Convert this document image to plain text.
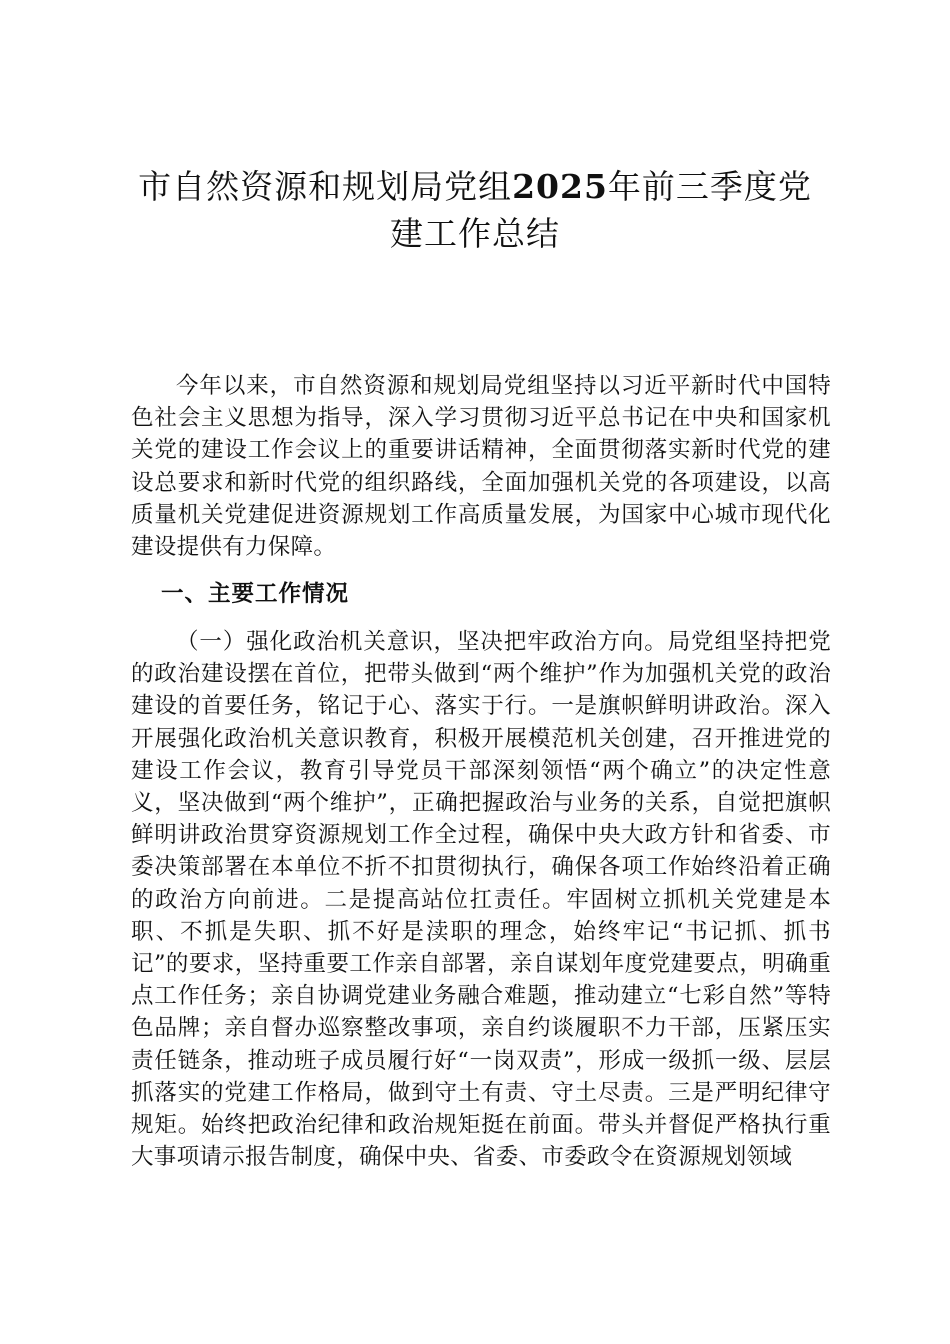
市自然资源和规划局党组2025年前三季度党
建工作总结

今年以来，市自然资源和规划局党组坚持以习近平新时代中国特色社会主义思想为指导，深入学习贯彻习近平总书记在中央和国家机关党的建设工作会议上的重要讲话精神，全面贯彻落实新时代党的建设总要求和新时代党的组织路线，全面加强机关党的各项建设，以高质量机关党建促进资源规划工作高质量发展，为国家中心城市现代化建设提供有力保障。

一、主要工作情况

（一）强化政治机关意识，坚决把牢政治方向。局党组坚持把党的政治建设摆在首位，把带头做到“两个维护”作为加强机关党的政治建设的首要任务，铭记于心、落实于行。一是旗帜鲜明讲政治。深入开展强化政治机关意识教育，积极开展模范机关创建，召开推进党的建设工作会议，教育引导党员干部深刻领悟“两个确立”的决定性意义，坚决做到“两个维护”，正确把握政治与业务的关系，自觉把旗帜鲜明讲政治贯穿资源规划工作全过程，确保中央大政方针和省委、市委决策部署在本单位不折不扣贯彻执行，确保各项工作始终沿着正确的政治方向前进。二是提高站位扛责任。牢固树立抓机关党建是本职、不抓是失职、抓不好是渎职的理念，始终牢记“书记抓、抓书记”的要求，坚持重要工作亲自部署，亲自谋划年度党建要点，明确重点工作任务；亲自协调党建业务融合难题，推动建立“七彩自然”等特色品牌；亲自督办巡察整改事项，亲自约谈履职不力干部，压紧压实责任链条，推动班子成员履行好“一岗双责”，形成一级抓一级、层层抓落实的党建工作格局，做到守土有责、守土尽责。三是严明纪律守规矩。始终把政治纪律和政治规矩挺在前面。带头并督促严格执行重大事项请示报告制度，确保中央、省委、市委政令在资源规划领域
